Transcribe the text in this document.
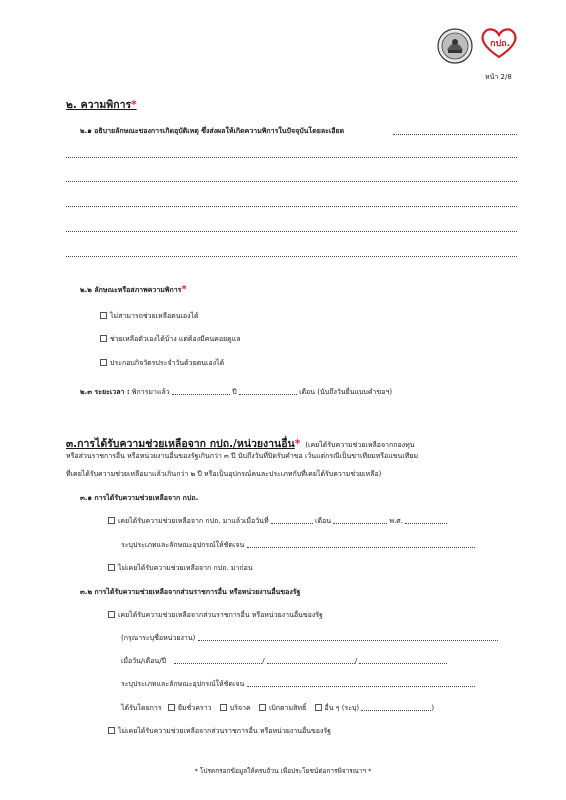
กปถ.
หน้า 2/8
๒. ความพิการ*
๒.๑ อธิบายลักษณะของการเกิดอุบัติเหตุ ซึ่งส่งผลให้เกิดความพิการในปัจจุบันโดยละเอียด
๒.๒ ลักษณะหรือสภาพความพิการ*
ไม่สามารถช่วยเหลือตนเองได้
ช่วยเหลือตัวเองได้บ้าง แต่ต้องมีคนคอยดูแล
ประกอบกิจวัตรประจำวันด้วยตนเองได้
๒.๓ ระยะเวลา : พิการมาแล้ว	ปี	เดือน (นับถึงวันยื่นแบบคำขอฯ)
๓.การได้รับความช่วยเหลือจาก กปถ./หน่วยงานอื่น* (เคยได้รับความช่วยเหลือจากกองทุน
หรือส่วนราชการอื่น หรือหน่วยงานอื่นของรัฐเกินกว่า ๓ ปี นับถึงวันที่ปิดรับคำขอ เว้นแต่กรณีเป็นขาเทียมหรือแขนเทียม
ที่เคยได้รับความช่วยเหลือมาแล้วเกินกว่า ๒ ปี หรือเป็นอุปกรณ์คนละประเภทกับที่เคยได้รับความช่วยเหลือ)
๓.๑ การได้รับความช่วยเหลือจาก กปถ.
เคยได้รับความช่วยเหลือจาก กปถ. มาแล้วเมื่อวันที่	เดือน	พ.ศ.
ระบุประเภทและลักษณะอุปกรณ์ให้ชัดเจน
ไม่เคยได้รับความช่วยเหลือจาก กปถ. มาก่อน
๓.๒ การได้รับความช่วยเหลือจากส่วนราชการอื่น หรือหน่วยงานอื่นของรัฐ
เคยได้รับความช่วยเหลือจากส่วนราชการอื่น หรือหน่วยงานอื่นของรัฐ
(กรุณาระบุชื่อหน่วยงาน)
เมื่อวัน/เดือน/ปี	/	/
ระบุประเภทและลักษณะอุปกรณ์ให้ชัดเจน
ได้รับโดยการ ยืมชั่วคราว	บริจาค	เบิกตามสิทธิ์	อื่น ๆ (ระบุ)	)
ไม่เคยได้รับความช่วยเหลือจากส่วนราชการอื่น หรือหน่วยงานอื่นของรัฐ
* โปรดกรอกข้อมูลให้ครบถ้วน เพื่อประโยชน์ต่อการพิจารณาฯ *
